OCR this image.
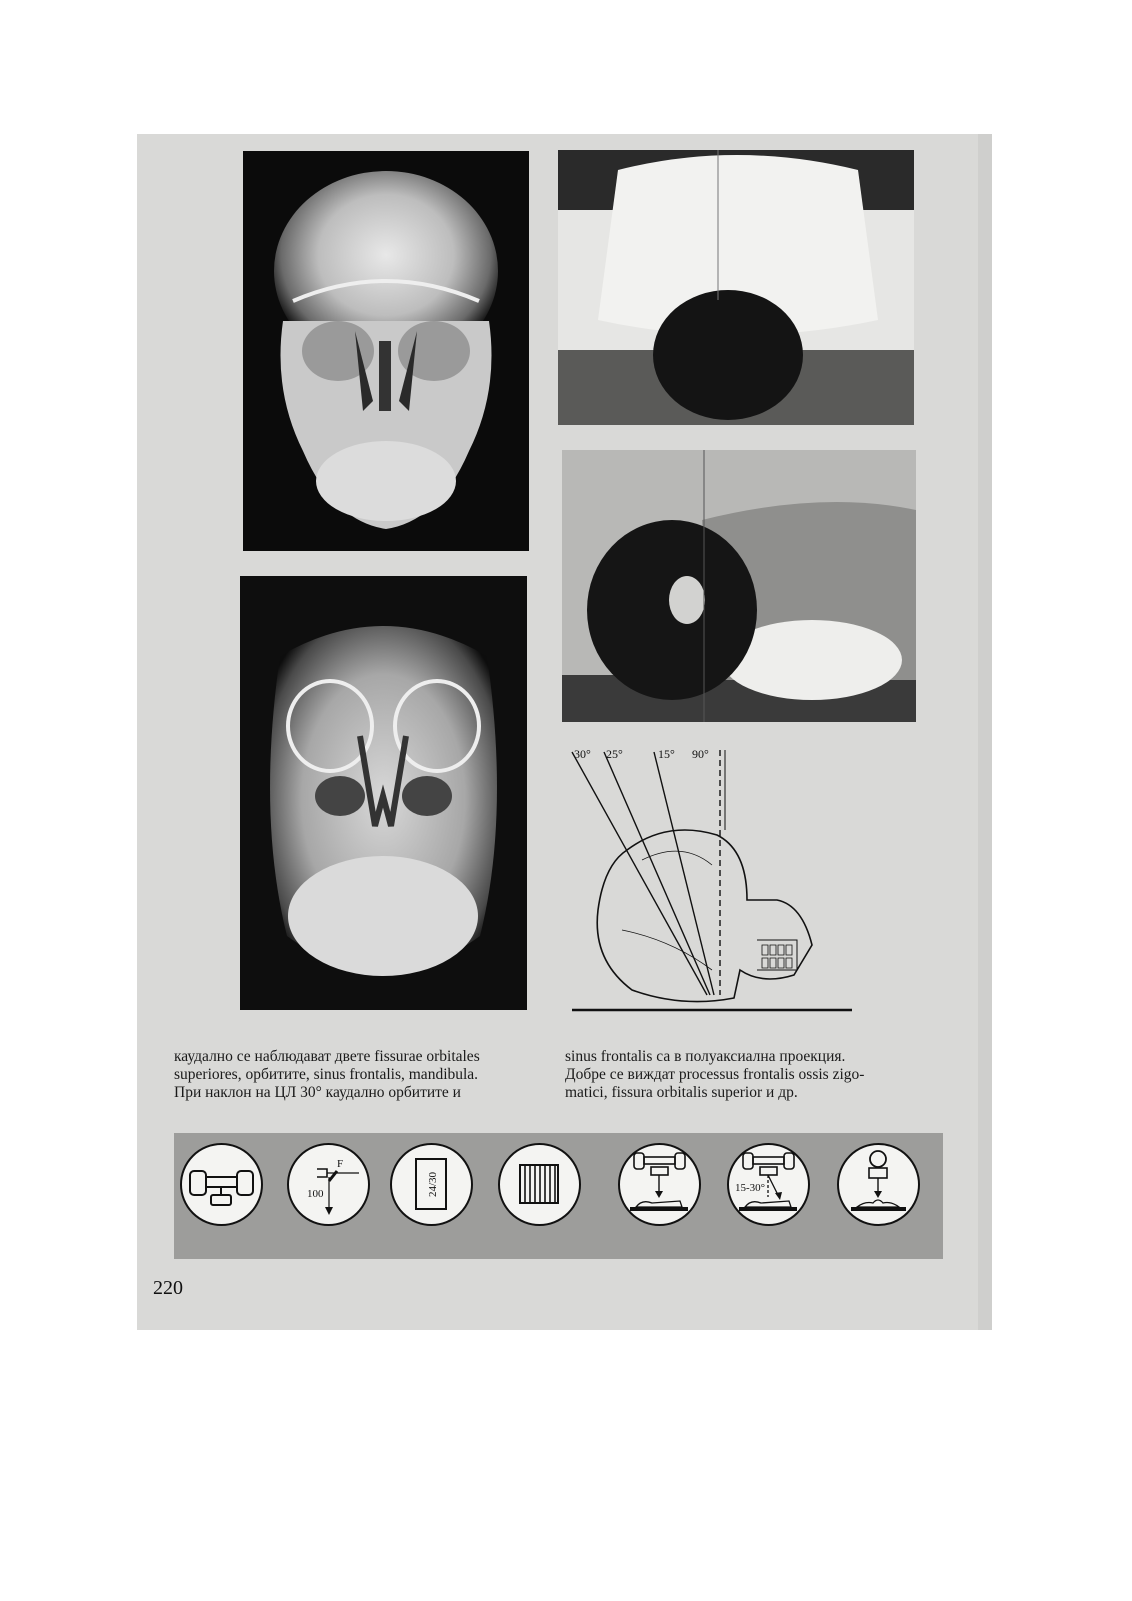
30° 25°	15° 90°

каудално се наблюдават двете fissurae orbitales
superiores, орбитите, sinus frontalis, mandibula.
При наклон на ЦЛ 30° каудално орбитите и

sinus frontalis са в полуаксиална проекция.
Добре се виждат processus frontalis ossis zigo-
matici, fissura orbitalis superior и др.

F
100	24/30	15-30°
220
